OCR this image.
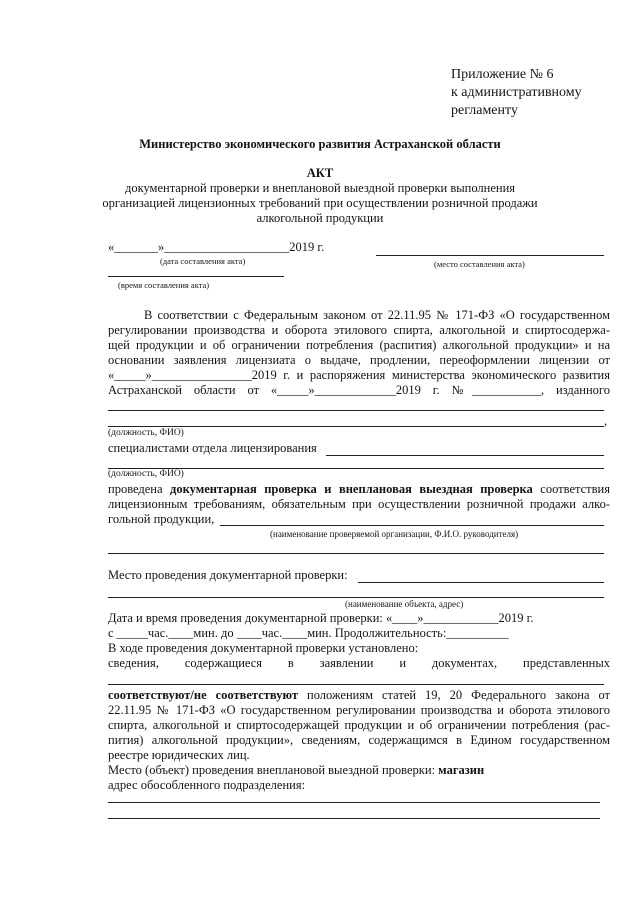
Приложение № 6
к административному
регламенту
Министерство экономического развития Астраханской области
АКТ
документарной проверки и внеплановой выездной проверки выполнения организацией лицензионных требований при осуществлении розничной продажи алкогольной продукции
«_______»____________________2019 г.
(дата составления акта)	(место составления акта)
(время составления акта)
В соответствии с Федеральным законом от 22.11.95 № 171-ФЗ «О государственном
регулировании производства и оборота этилового спирта, алкогольной и спиртосодержа-
щей продукции и об ограничении потребления (распития) алкогольной продукции» и на
основании заявления лицензиата о выдаче, продлении, переоформлении лицензии от
«_____»________________2019 г. и распоряжения министерства экономического развития
Астраханской области от «_____»_____________2019 г. №___________, изданного
,
(должность, ФИО)
специалистами отдела лицензирования
(должность, ФИО)
проведена документарная проверка и внеплановая выездная проверка соответствия
лицензионным требованиям, обязательным при осуществлении розничной продажи алко-
гольной продукции,
(наименование проверяемой организации, Ф.И.О. руководителя)
Место проведения документарной проверки:
(наименование объекта, адрес)
Дата и время проведения документарной проверки: «____»____________2019 г.
с _____час.____мин. до ____час.____мин. Продолжительность:__________
В ходе проведения документарной проверки установлено:
сведения, содержащиеся в заявлении и документах, представленных
соответствуют/не соответствуют положениям статей 19, 20 Федерального закона от
22.11.95 № 171-ФЗ «О государственном регулировании производства и оборота этилового
спирта, алкогольной и спиртосодержащей продукции и об ограничении потребления (рас-
пития) алкогольной продукции», сведениям, содержащимся в Едином государственном
реестре юридических лиц.
Место (объект) проведения внеплановой выездной проверки: магазин
адрес обособленного подразделения:
